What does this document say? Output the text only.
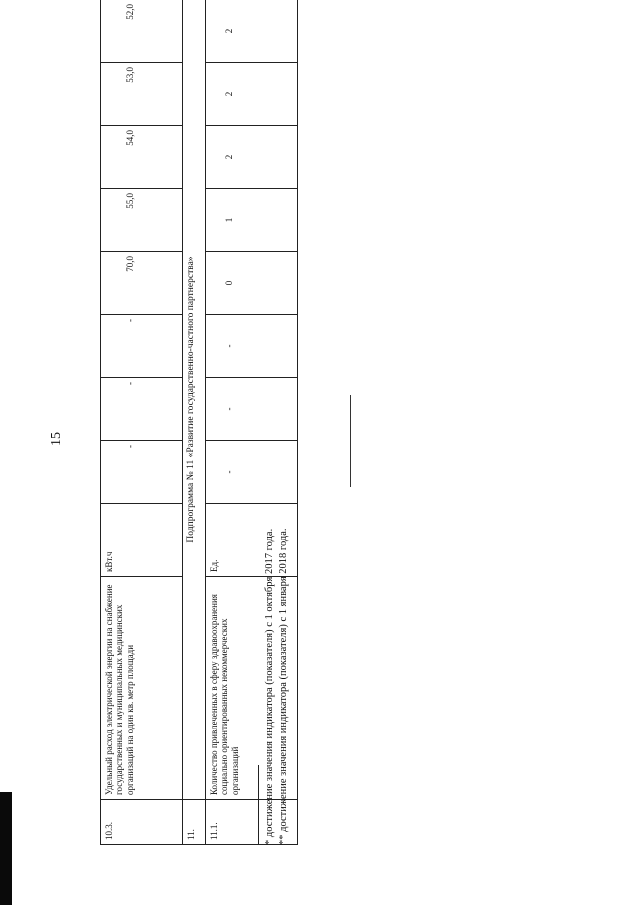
15
10.3.	Удельный расход электрической энергии на снабжение государственных и муниципальных медицинских организаций на один кв. метр площади	кВт.ч	-	-	-	70,0	55,0	54,0	53,0	52,0
11.	Подпрограмма № 11 «Развитие государственно-частного партнерства»									
11.1.	Количество привлеченных в сферу здравоохранения социально ориентированных некоммерческих организаций	Ед.	-	-	-	0	1	2	2	2
* достижение значения индикатора (показателя) с 1 октября 2017 года. ** достижение значения индикатора (показателя) с 1 января 2018 года.
